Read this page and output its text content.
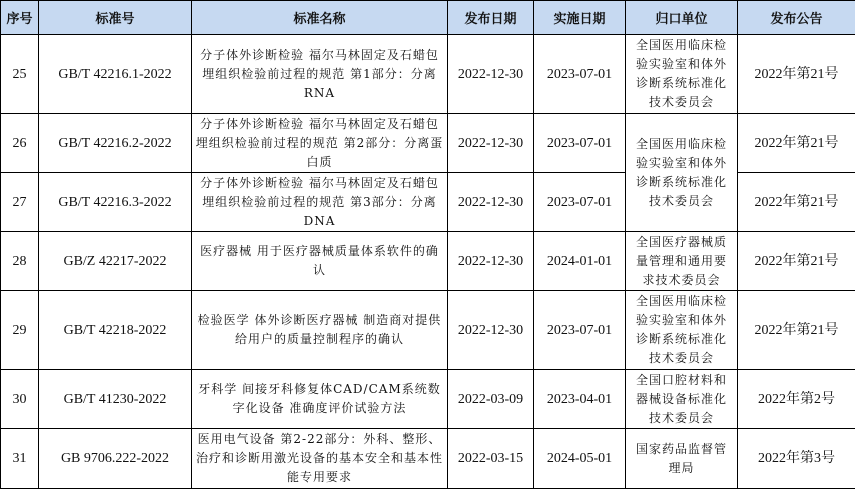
序号	标准号	标准名称	发布日期	实施日期	归口单位	发布公告
25	GB/T 42216.1-2022	分子体外诊断检验 福尔马林固定及石蜡包埋组织检验前过程的规范 第1部分：分离RNA	2022-12-30	2023-07-01	全国医用临床检验实验室和体外诊断系统标准化技术委员会	2022年第21号
26	GB/T 42216.2-2022	分子体外诊断检验 福尔马林固定及石蜡包埋组织检验前过程的规范 第2部分：分离蛋白质	2022-12-30	2023-07-01	全国医用临床检验实验室和体外诊断系统标准化技术委员会	2022年第21号
27	GB/T 42216.3-2022	分子体外诊断检验 福尔马林固定及石蜡包埋组织检验前过程的规范 第3部分：分离DNA	2022-12-30	2023-07-01		2022年第21号
28	GB/Z 42217-2022	医疗器械 用于医疗器械质量体系软件的确认	2022-12-30	2024-01-01	全国医疗器械质量管理和通用要求技术委员会	2022年第21号
29	GB/T 42218-2022	检验医学 体外诊断医疗器械 制造商对提供给用户的质量控制程序的确认	2022-12-30	2023-07-01	全国医用临床检验实验室和体外诊断系统标准化技术委员会	2022年第21号
30	GB/T 41230-2022	牙科学 间接牙科修复体CAD/CAM系统数字化设备 准确度评价试验方法	2022-03-09	2023-04-01	全国口腔材料和器械设备标准化技术委员会	2022年第2号
31	GB 9706.222-2022	医用电气设备 第2-22部分：外科、整形、治疗和诊断用激光设备的基本安全和基本性能专用要求	2022-03-15	2024-05-01	国家药品监督管理局	2022年第3号
